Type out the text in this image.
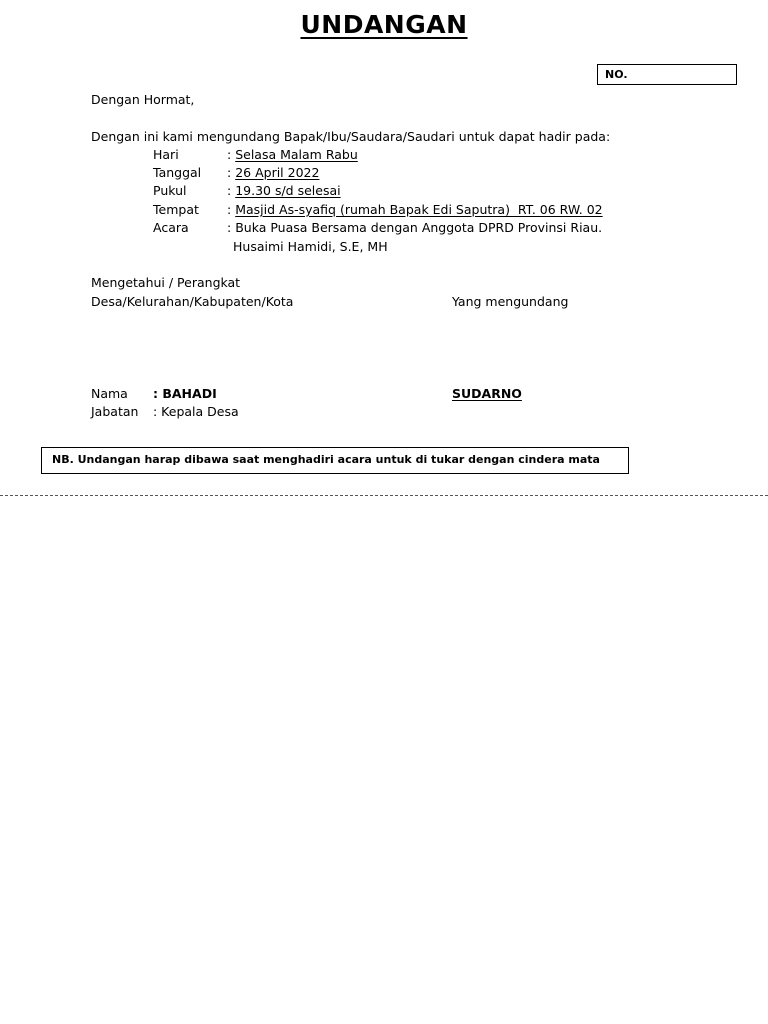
UNDANGAN
NO.
Dengan Hormat,
Dengan ini kami mengundang Bapak/Ibu/Saudara/Saudari untuk dapat hadir pada:
Hari	: Selasa Malam Rabu
Tanggal : 26 April 2022
Pukul	: 19.30 s/d selesai
Tempat : Masjid As-syafiq (rumah Bapak Edi Saputra)  RT. 06 RW. 02
Acara	: Buka Puasa Bersama dengan Anggota DPRD Provinsi Riau.
Husaimi Hamidi, S.E, MH
Mengetahui / Perangkat
Desa/Kelurahan/Kabupaten/Kota	Yang mengundang
Nama : BAHADI	SUDARNO
Jabatan : Kepala Desa
NB. Undangan harap dibawa saat menghadiri acara untuk di tukar dengan cindera mata
